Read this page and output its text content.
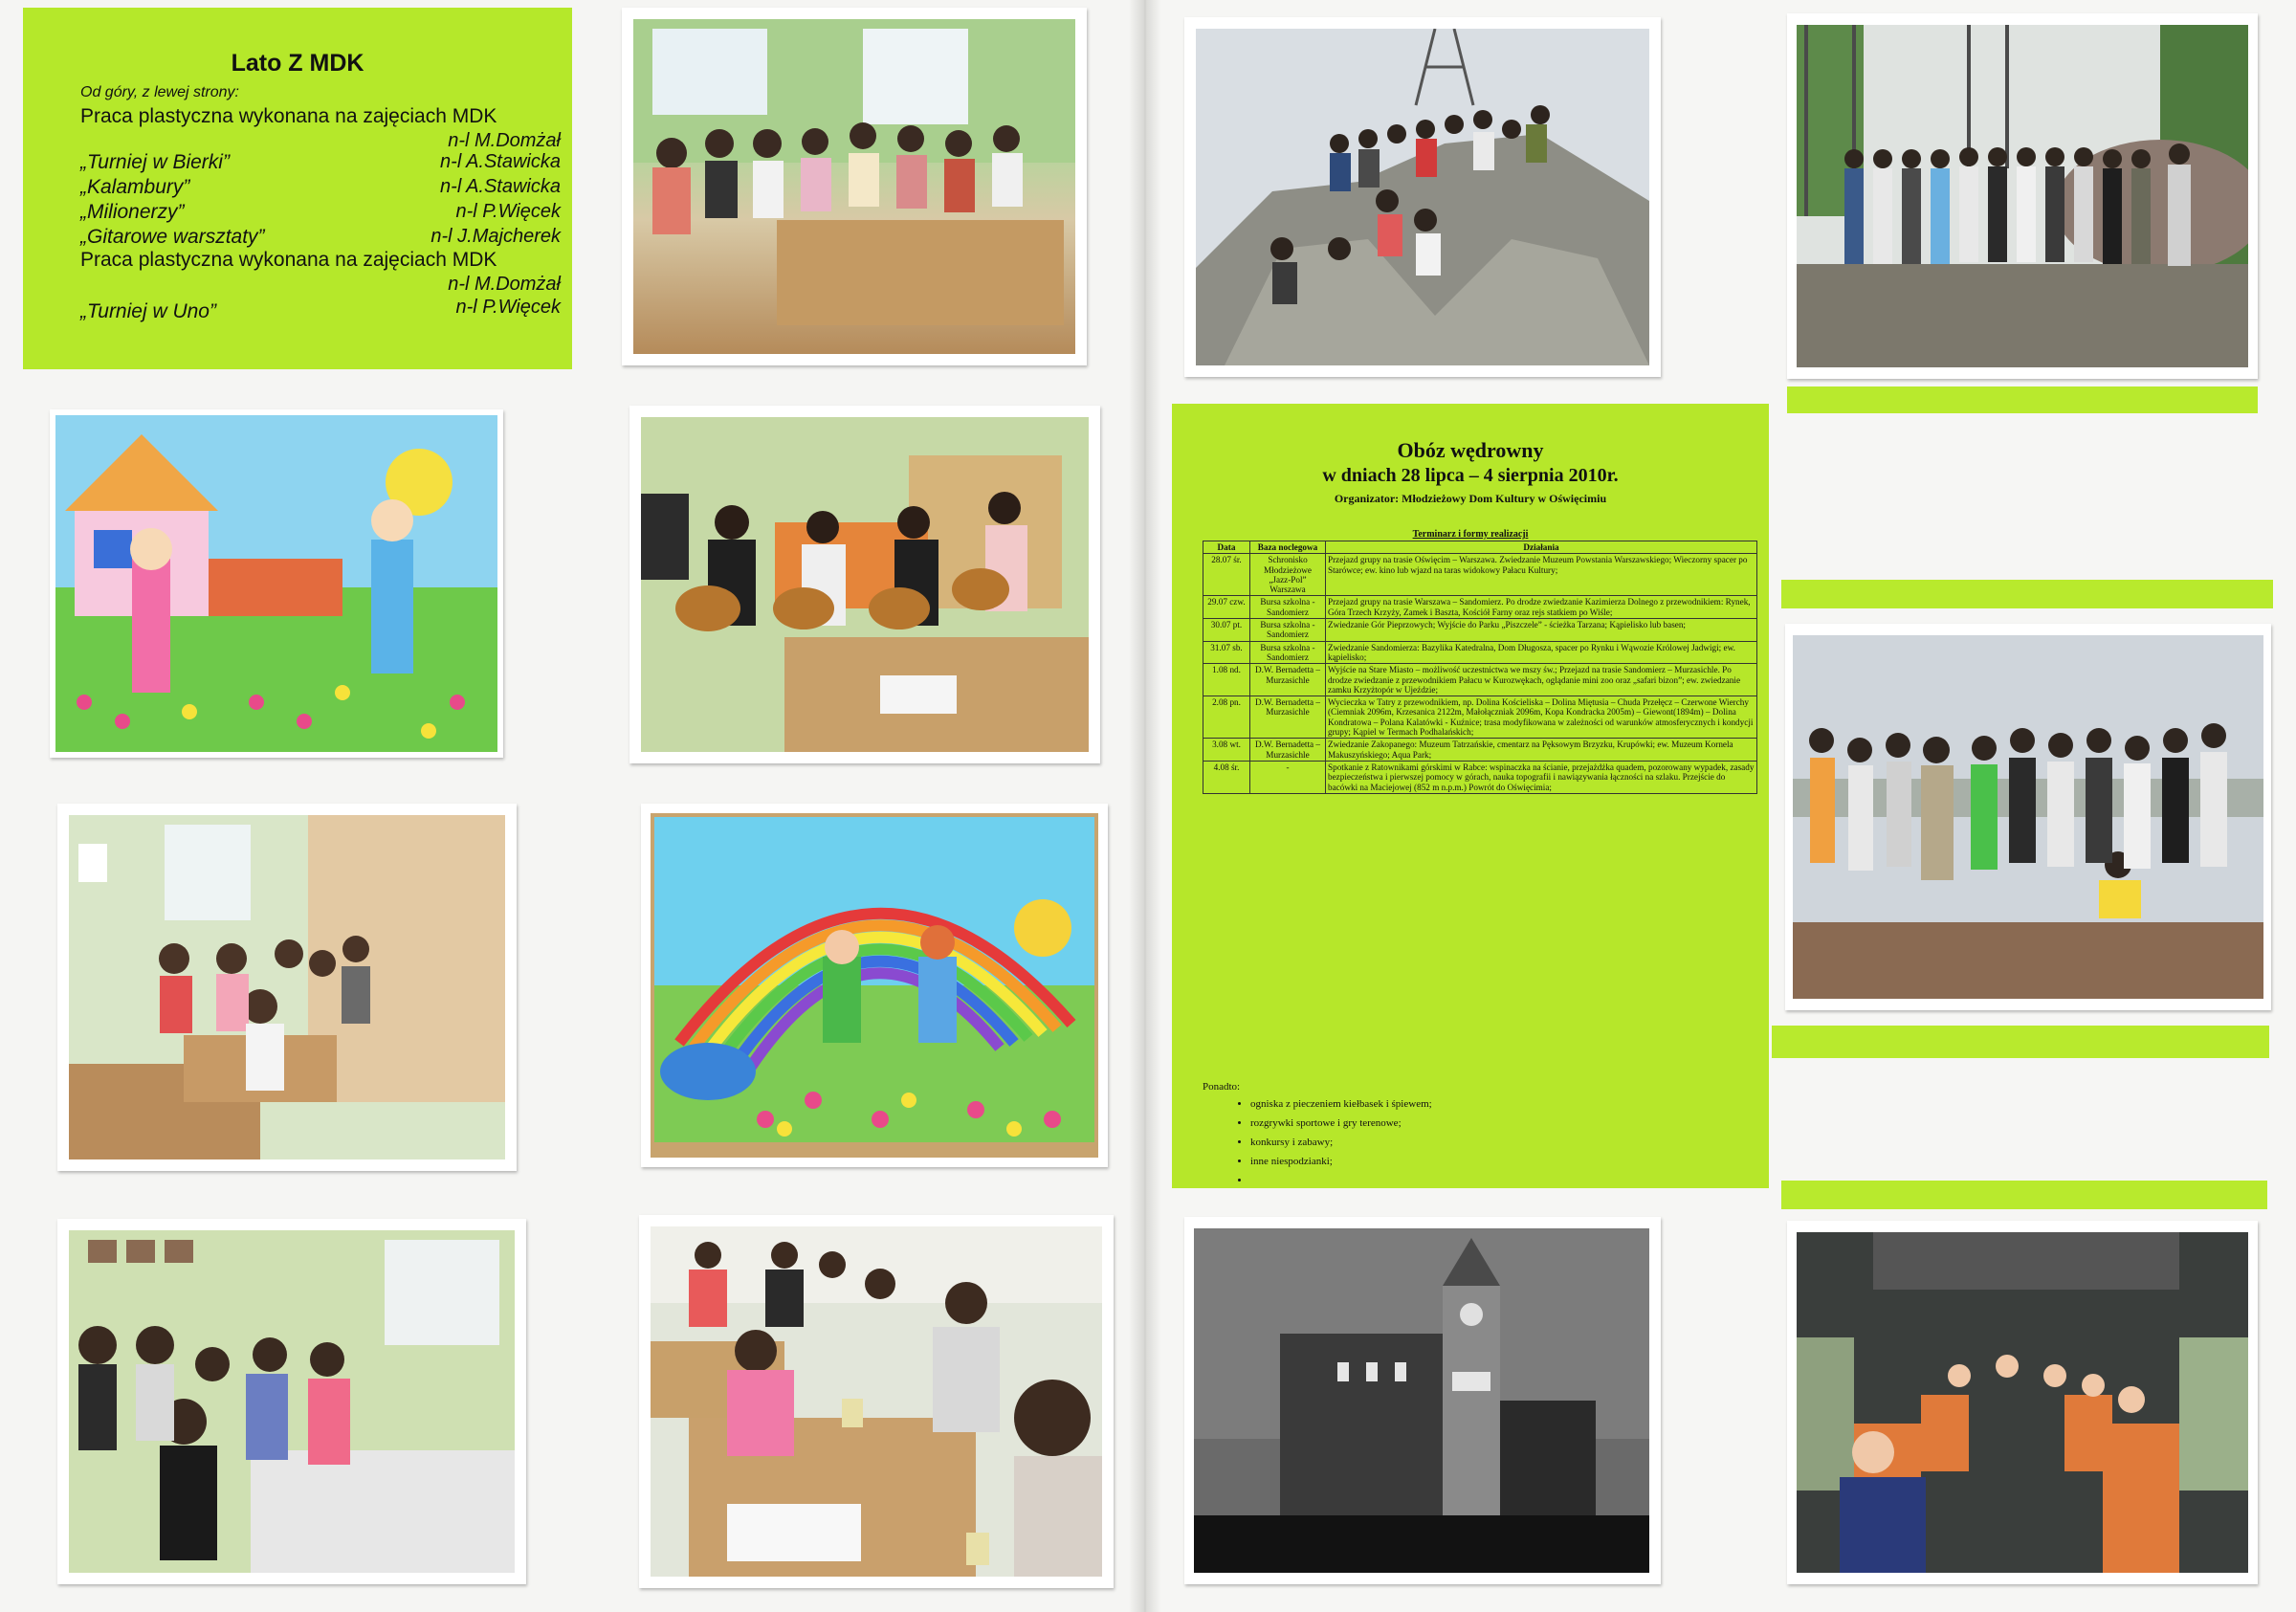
Lato Z MDK
Od góry, z lewej strony:
Praca plastyczna wykonana na zajęciach MDK
n-l M.Domżał
„Turniej w Bierki”	n-l A.Stawicka
„Kalambury”	n-l A.Stawicka
„Milionerzy”	n-l P.Więcek
„Gitarowe warsztaty”	n-l J.Majcherek
Praca plastyczna wykonana na zajęciach MDK
n-l M.Domżał
„Turniej w Uno”	n-l P.Więcek
Obóz wędrowny
w dniach 28 lipca – 4 sierpnia 2010r.
Organizator: Młodzieżowy Dom Kultury w Oświęcimiu
Terminarz i formy realizacji
Data	Baza noclegowa	Działania
28.07 śr.	Schronisko Młodzieżowe „Jazz-Pol” Warszawa	Przejazd grupy na trasie Oświęcim – Warszawa. Zwiedzanie Muzeum Powstania Warszawskiego; Wieczorny spacer po Starówce; ew. kino lub wjazd na taras widokowy Pałacu Kultury;
29.07 czw.	Bursa szkolna - Sandomierz	Przejazd grupy na trasie Warszawa – Sandomierz. Po drodze zwiedzanie Kazimierza Dolnego z przewodnikiem: Rynek, Góra Trzech Krzyży, Zamek i Baszta, Kościół Farny oraz rejs statkiem po Wiśle;
30.07 pt.	Bursa szkolna - Sandomierz	Zwiedzanie Gór Pieprzowych; Wyjście do Parku „Piszczele” - ścieżka Tarzana; Kąpielisko lub basen;
31.07 sb.	Bursa szkolna - Sandomierz	Zwiedzanie Sandomierza: Bazylika Katedralna, Dom Długosza, spacer po Rynku i Wąwozie Królowej Jadwigi; ew. kąpielisko;
1.08 nd.	D.W. Bernadetta – Murzasichle	Wyjście na Stare Miasto – możliwość uczestnictwa we mszy św.; Przejazd na trasie Sandomierz – Murzasichle. Po drodze zwiedzanie z przewodnikiem Pałacu w Kurozwękach, oglądanie mini zoo oraz „safari bizon”; ew. zwiedzanie zamku Krzyżtopór w Ujeździe;
2.08 pn.	D.W. Bernadetta – Murzasichle	Wycieczka w Tatry z przewodnikiem, np. Dolina Kościeliska – Dolina Miętusia – Chuda Przełęcz – Czerwone Wierchy (Ciemniak 2096m, Krzesanica 2122m, Małołączniak 2096m, Kopa Kondracka 2005m) – Giewont(1894m) – Dolina Kondratowa – Polana Kalatówki - Kuźnice; trasa modyfikowana w zależności od warunków atmosferycznych i kondycji grupy; Kąpiel w Termach Podhalańskich;
3.08 wt.	D.W. Bernadetta – Murzasichle	Zwiedzanie Zakopanego: Muzeum Tatrzańskie, cmentarz na Pęksowym Brzyzku, Krupówki; ew. Muzeum Kornela Makuszyńskiego; Aqua Park;
4.08 śr.	-	Spotkanie z Ratownikami górskimi w Rabce: wspinaczka na ścianie, przejażdżka quadem, pozorowany wypadek, zasady bezpieczeństwa i pierwszej pomocy w górach, nauka topografii i nawiązywania łączności na szlaku. Przejście do bacówki na Maciejowej (852 m n.p.m.) Powrót do Oświęcimia;
Ponadto:
• ogniska z pieczeniem kiełbasek i śpiewem;
• rozgrywki sportowe i gry terenowe;
• konkursy i zabawy;
• inne niespodzianki;
•
